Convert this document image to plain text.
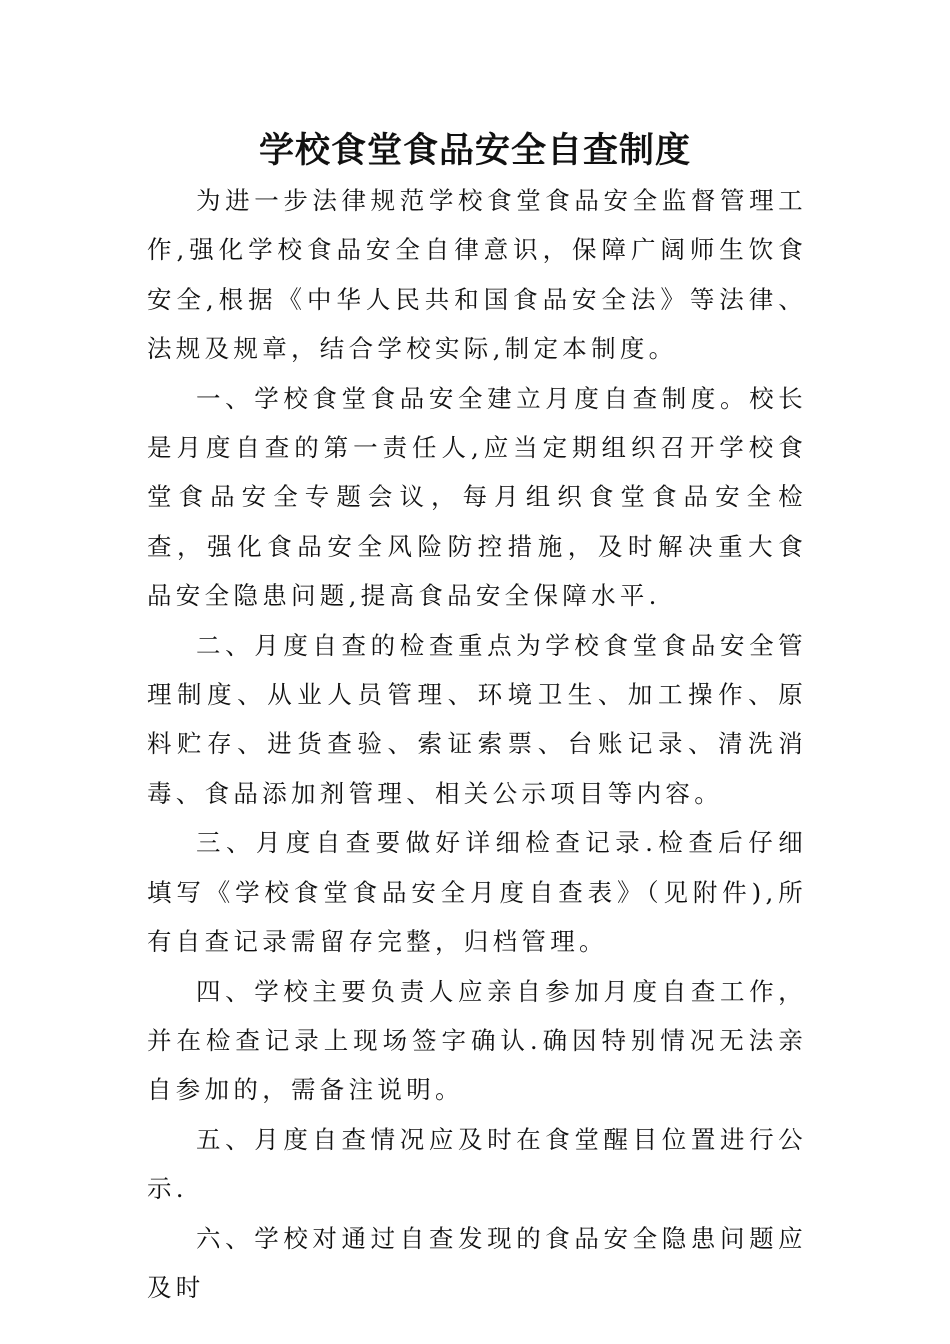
学校食堂食品安全自查制度

为进一步法律规范学校食堂食品安全监督管理工作,强化学校食品安全自律意识，保障广阔师生饮食安全,根据《中华人民共和国食品安全法》等法律、法规及规章，结合学校实际,制定本制度。

一、学校食堂食品安全建立月度自查制度。校长是月度自查的第一责任人,应当定期组织召开学校食堂食品安全专题会议，每月组织食堂食品安全检查，强化食品安全风险防控措施，及时解决重大食品安全隐患问题,提高食品安全保障水平.

二、月度自查的检查重点为学校食堂食品安全管理制度、从业人员管理、环境卫生、加工操作、原料贮存、进货查验、索证索票、台账记录、清洗消毒、食品添加剂管理、相关公示项目等内容。

三、月度自查要做好详细检查记录.检查后仔细填写《学校食堂食品安全月度自查表》（见附件),所有自查记录需留存完整，归档管理。

四、学校主要负责人应亲自参加月度自查工作，并在检查记录上现场签字确认.确因特别情况无法亲自参加的，需备注说明。

五、月度自查情况应及时在食堂醒目位置进行公示.

六、学校对通过自查发现的食品安全隐患问题应及时
